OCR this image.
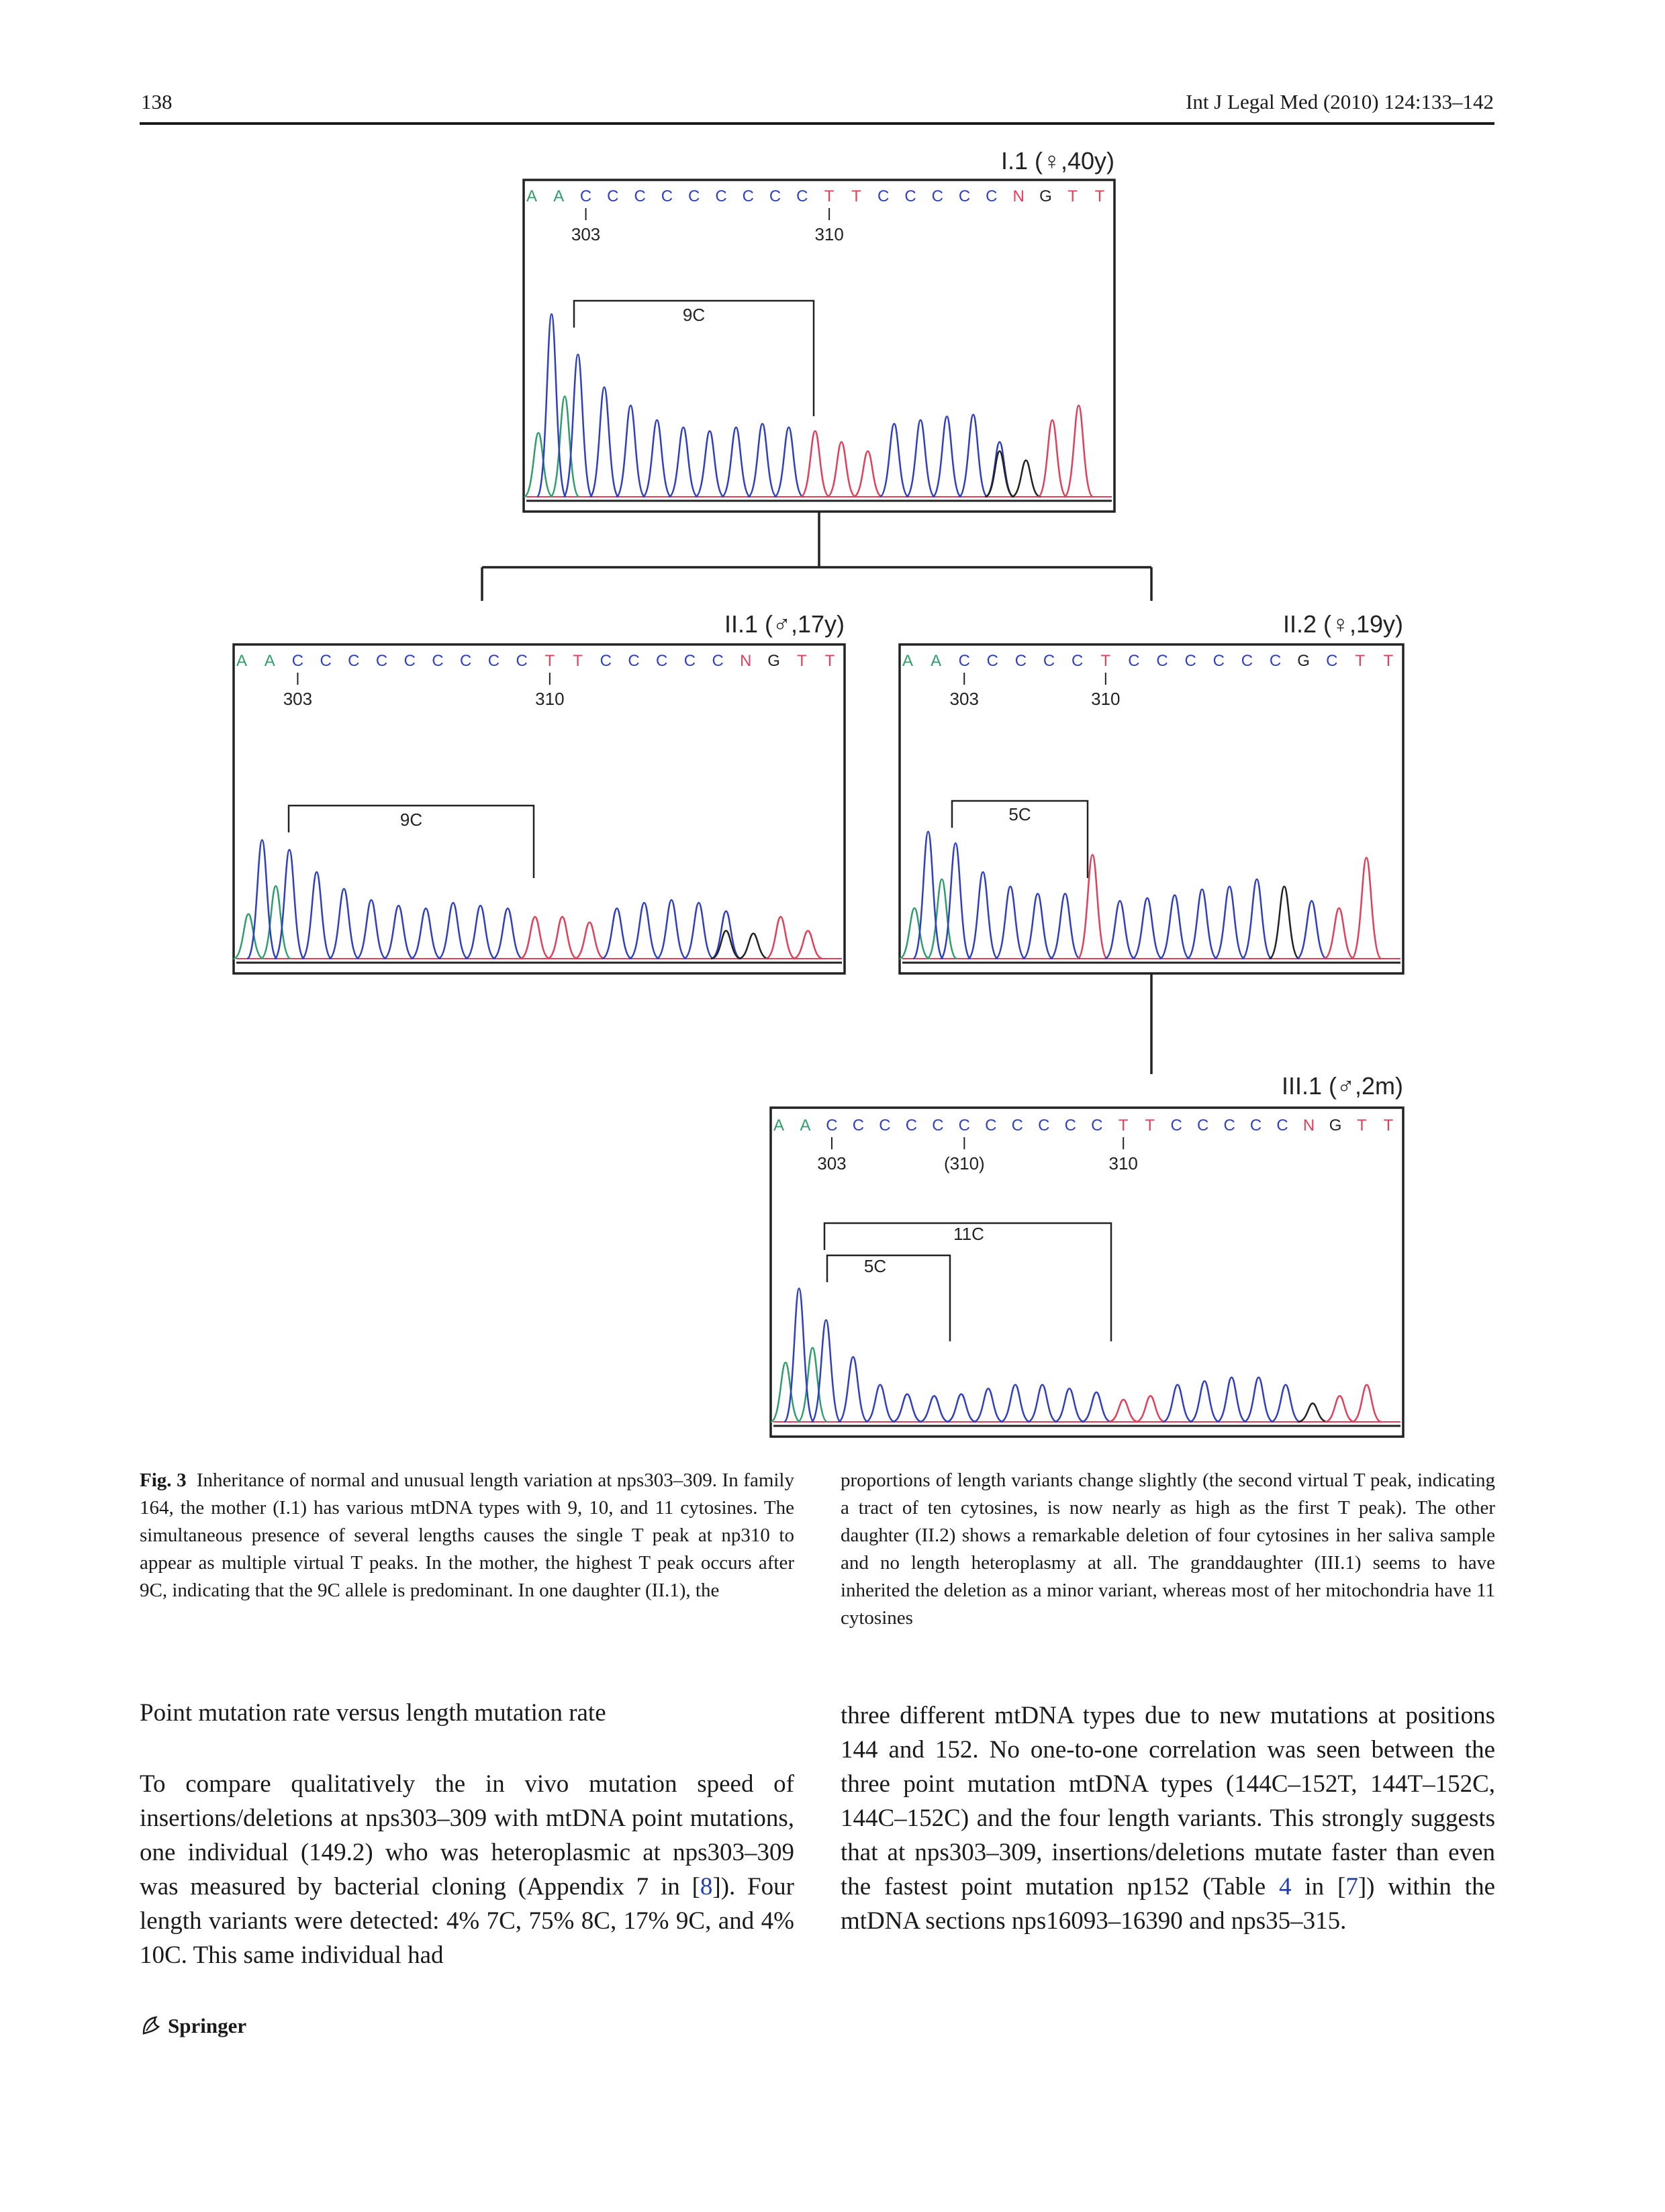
138	Int J Legal Med (2010) 124:133–142
I.1 (♀,40y)
A A C C C C C C C C C T T C C C C C N G T T
303	310
9C
II.1 (♂,17y)
A A C C C C C C C C C T T C C C C C N G T T
303	310
9C
II.2 (♀,19y)
A A C C C C C T C C C C C C G C T T
303	310
5C
III.1 (♂,2m)
A A C C C C C C C C C C C T T C C C C C N G T T
303	(310)	310
11C
5C
Fig. 3 Inheritance of normal and unusual length variation at nps303–309. In family 164, the mother (I.1) has various mtDNA types with 9, 10, and 11 cytosines. The simultaneous presence of several lengths causes the single T peak at np310 to appear as multiple virtual T peaks. In the mother, the highest T peak occurs after 9C, indicating that the 9C allele is predominant. In one daughter (II.1), the
proportions of length variants change slightly (the second virtual T peak, indicating a tract of ten cytosines, is now nearly as high as the first T peak). The other daughter (II.2) shows a remarkable deletion of four cytosines in her saliva sample and no length heteroplasmy at all. The granddaughter (III.1) seems to have inherited the deletion as a minor variant, whereas most of her mitochondria have 11 cytosines
Point mutation rate versus length mutation rate
To compare qualitatively the in vivo mutation speed of insertions/deletions at nps303–309 with mtDNA point mutations, one individual (149.2) who was heteroplasmic at nps303–309 was measured by bacterial cloning (Appendix 7 in [8]). Four length variants were detected: 4% 7C, 75% 8C, 17% 9C, and 4% 10C. This same individual had
three different mtDNA types due to new mutations at positions 144 and 152. No one-to-one correlation was seen between the three point mutation mtDNA types (144C–152T, 144T–152C, 144C–152C) and the four length variants. This strongly suggests that at nps303–309, insertions/deletions mutate faster than even the fastest point mutation np152 (Table 4 in [7]) within the mtDNA sections nps16093–16390 and nps35–315.
Springer
